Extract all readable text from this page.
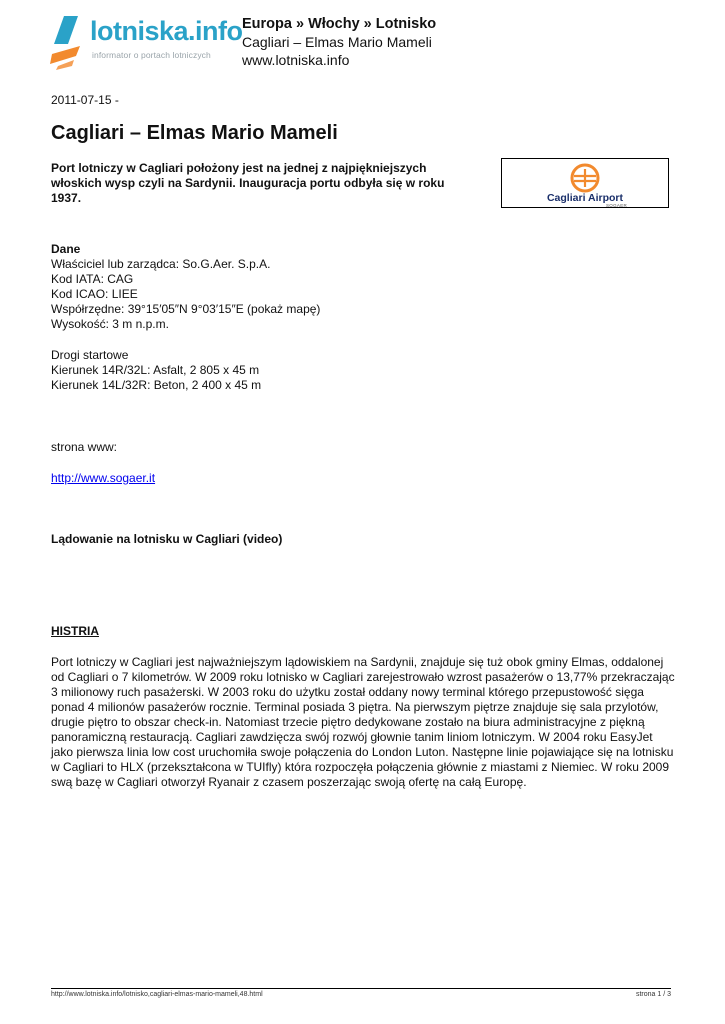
lotniska.info
informator o portach lotniczych
Europa » Włochy » Lotnisko
Cagliari – Elmas Mario Mameli
www.lotniska.info
2011-07-15 -
Cagliari – Elmas Mario Mameli
Port lotniczy w Cagliari położony jest na jednej z najpiękniejszych włoskich wysp czyli na Sardynii. Inauguracja portu odbyła się w roku 1937.	Cagliari Airport
SOGAER
Dane
Właściciel lub zarządca: So.G.Aer. S.p.A.
Kod IATA: CAG
Kod ICAO: LIEE
Współrzędne: 39°15′05″N 9°03′15″E (pokaż mapę)
Wysokość: 3 m n.p.m.
Drogi startowe
Kierunek 14R/32L: Asfalt, 2 805 x 45 m
Kierunek 14L/32R: Beton, 2 400 x 45 m
strona www:
http://www.sogaer.it
Lądowanie na lotnisku w Cagliari (video)
HISTRIA
Port lotniczy w Cagliari jest najważniejszym lądowiskiem na Sardynii, znajduje się tuż obok gminy Elmas, oddalonej od Cagliari o 7 kilometrów. W 2009 roku lotnisko w Cagliari zarejestrowało wzrost pasażerów o 13,77% przekraczając 3 milionowy ruch pasażerski. W 2003 roku do użytku został oddany nowy terminal którego przepustowość sięga ponad 4 milionów pasażerów rocznie. Terminal posiada 3 piętra. Na pierwszym piętrze znajduje się sala przylotów, drugie piętro to obszar check-in. Natomiast trzecie piętro dedykowane zostało na biura administracyjne z piękną panoramiczną restauracją. Cagliari zawdzięcza swój rozwój głownie tanim liniom lotniczym. W 2004 roku EasyJet jako pierwsza linia low cost uruchomiła swoje połączenia do London Luton. Następne linie pojawiające się na lotnisku w Cagliari to HLX (przekształcona w TUIfly) która rozpoczęła połączenia głównie z miastami z Niemiec. W roku 2009 swą bazę w Cagliari otworzył Ryanair z czasem poszerzając swoją ofertę na całą Europę.
http://www.lotniska.info/lotnisko,cagliari-elmas-mario-mameli,48.html	strona 1 / 3
